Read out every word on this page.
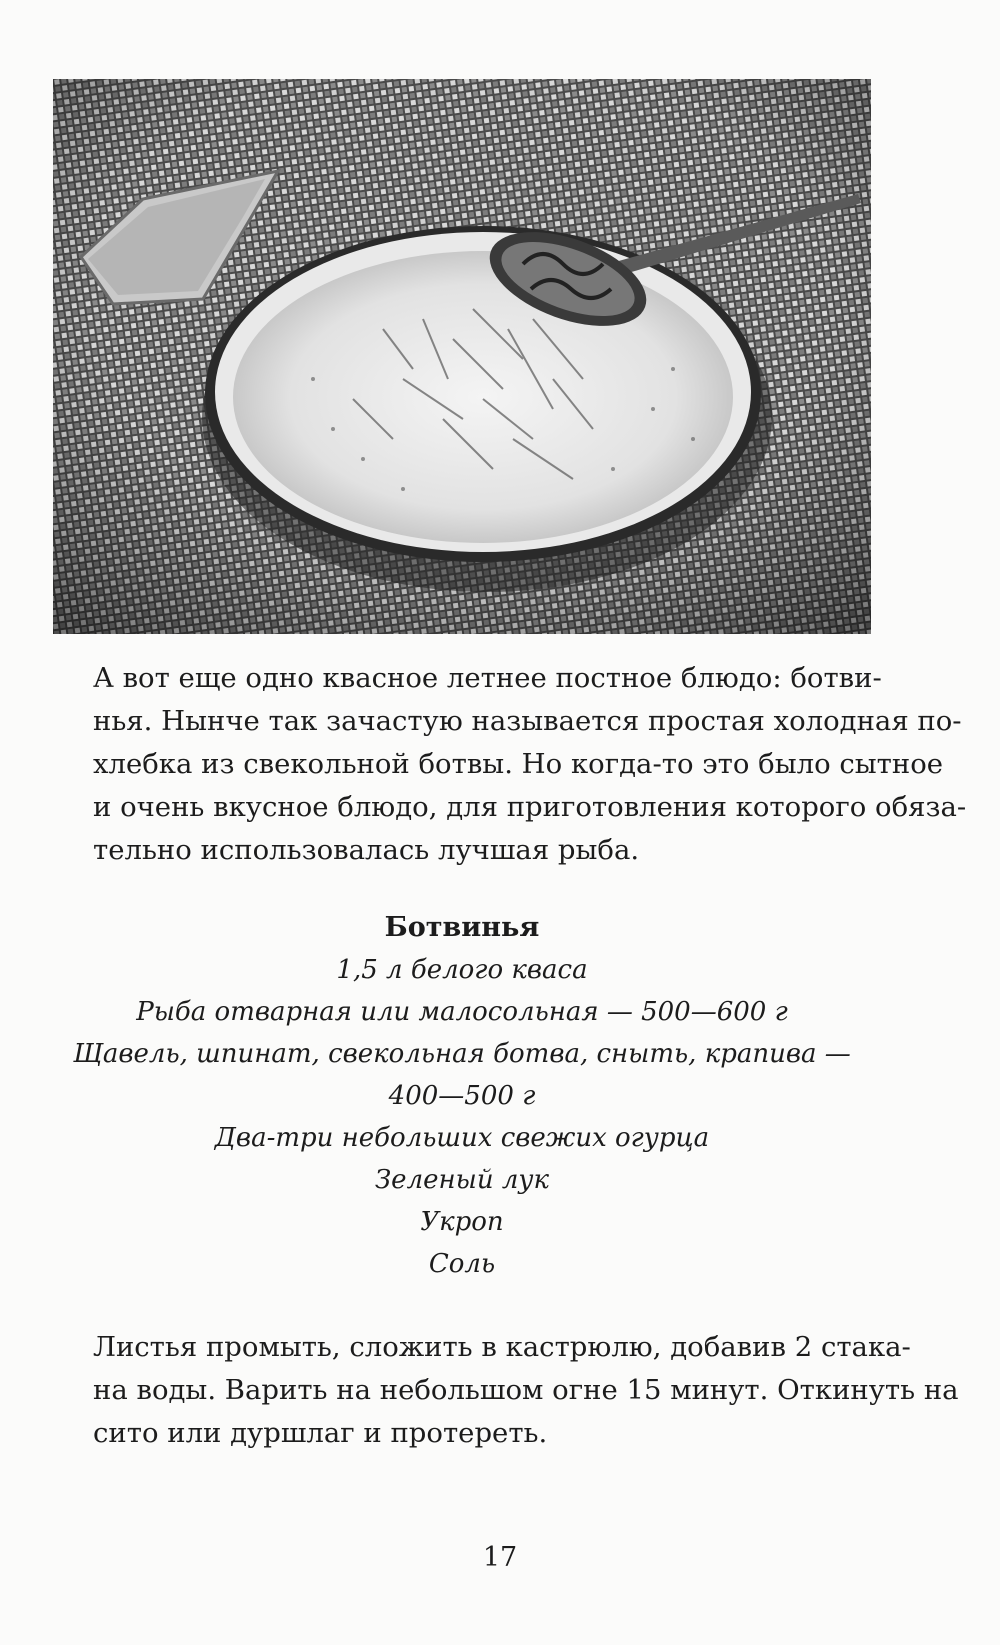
А вот еще одно квасное летнее постное блюдо: ботви-
нья. Нынче так зачастую называется простая холодная по-
хлебка из свекольной ботвы. Но когда-то это было сытное
и очень вкусное блюдо, для приготовления которого обяза-
тельно использовалась лучшая рыба.

Ботвинья
1,5 л белого кваса
Рыба отварная или малосольная — 500—600 г
Щавель, шпинат, свекольная ботва, сныть, крапива —
400—500 г
Два-три небольших свежих огурца
Зеленый лук
Укроп
Соль

Листья промыть, сложить в кастрюлю, добавив 2 стака-
на воды. Варить на небольшом огне 15 минут. Откинуть на
сито или дуршлаг и протереть.

17
